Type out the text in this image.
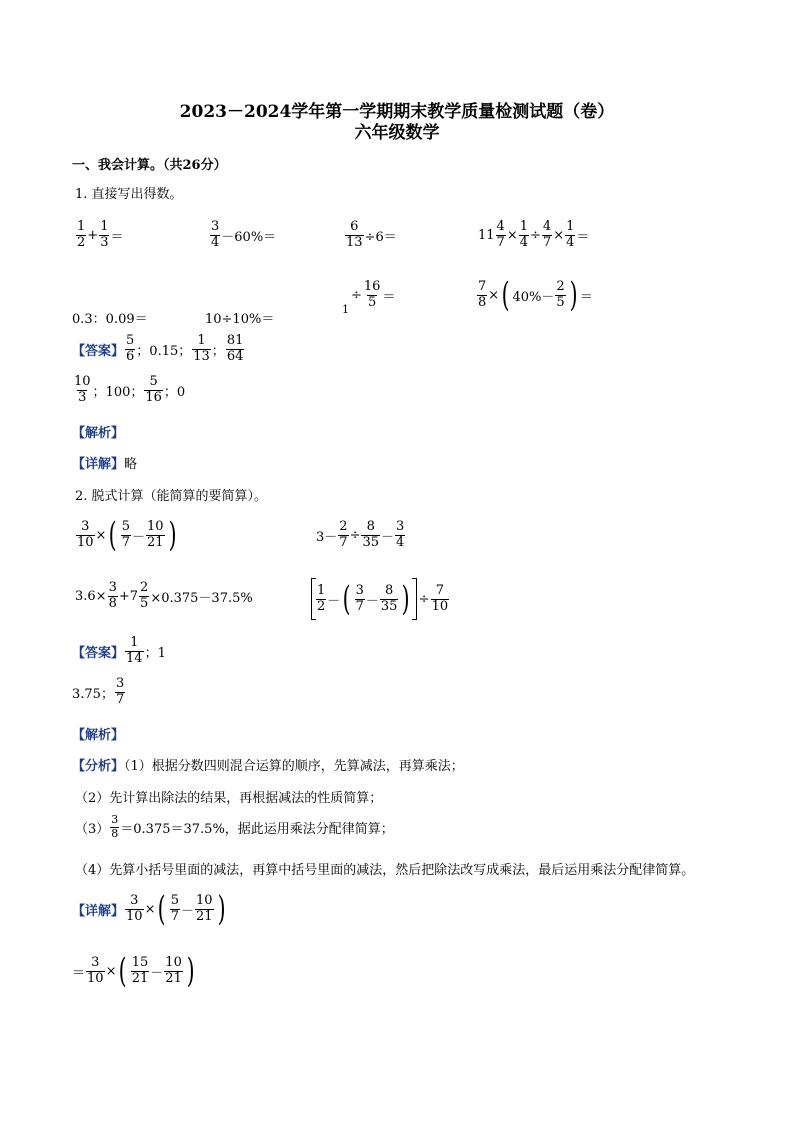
2023－2024学年第一学期期末教学质量检测试题（卷）
六年级数学
一、我会计算。（共26分）
1. 直接写出得数。
1
$2 + \frac{1}{3}$ ＝
3
4 －60%＝	$\frac{6}{13} \div 6=$	$11 \frac{4}{7} \times \frac{1}{4} \div \frac{4}{7} \times \frac{1}{4}$ ＝
0.3：0.09＝	10÷10%＝
1
÷ $\frac{16}{5}$ ＝	$\frac{7}{8}$ × ( 40%－
2
5 ) ＝
【答案】
5
6 ；0.15；
1
13 ；
81
64
10
3 ；100；
5
16 ；0
【解析】
【详解】略
2. 脱式计算（能简算的要简算）。
$\frac{3}{10}$ × ( 5
7 －
10
21 )	$3- \frac{2}{7} \div \frac{8}{35}$ －
3
4
$3.6\times \frac{3}{8} +7 \frac{2}{5} \times 0.375-37.5\%$
1
2 － ( 3
7 －
8
35 ) ÷ $\frac{7}{10}$
【答案】
1
14 ；1
3.75；
3
7
【解析】
【分析】（1）根据分数四则混合运算的顺序，先算减法，再算乘法；
（2）先计算出除法的结果，再根据减法的性质简算；
（3）
3
8 ＝0.375＝37.5%，据此运用乘法分配律简算；
（4）先算小括号里面的减法，再算中括号里面的减法，然后把除法改写成乘法，最后运用乘法分配律简算。
【详解】 $\frac{3}{10}$ × ( 5
7 －
10
21 )
＝ $\frac{3}{10}$ × ( 15
21 －
10
21 )
